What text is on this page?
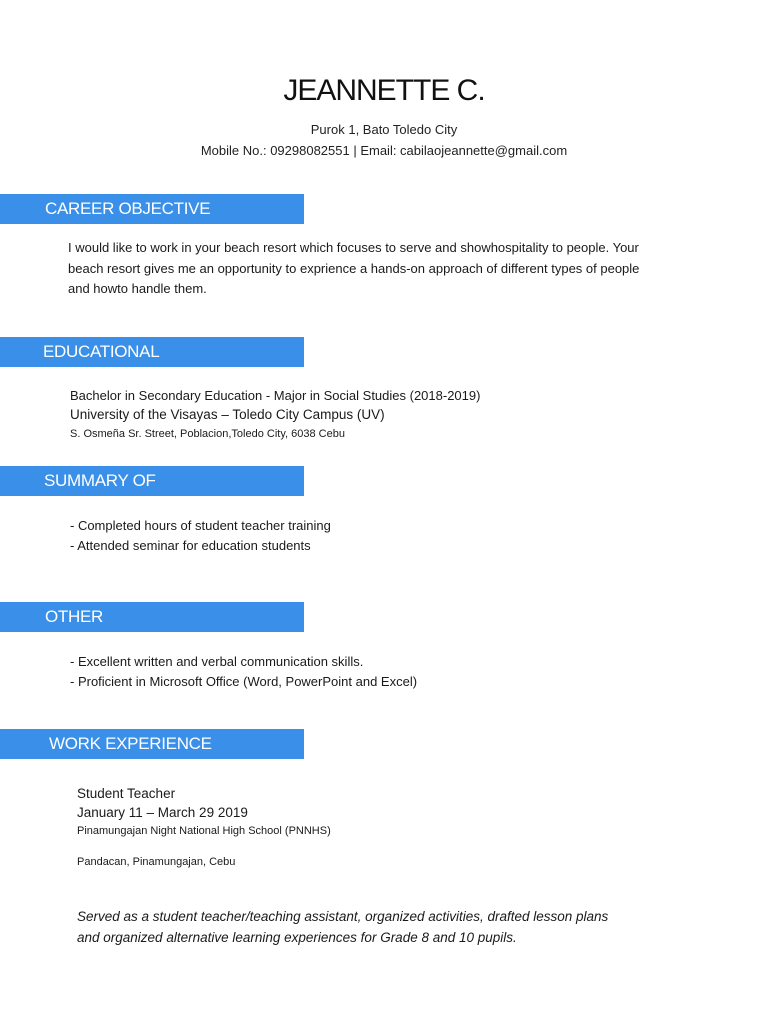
JEANNETTE C.
Purok 1, Bato Toledo City
Mobile No.: 09298082551 | Email: cabilaojeannette@gmail.com
CAREER OBJECTIVE
I would like to work in your beach resort which focuses to serve and showhospitality to people. Your
beach resort gives me an opportunity to exprience a hands-on approach of different types of people
and howto handle them.
EDUCATIONAL
Bachelor in Secondary Education - Major in Social Studies (2018-2019)
University of the Visayas – Toledo City Campus (UV)
S. Osmeña Sr. Street, Poblacion,Toledo City, 6038 Cebu
SUMMARY OF
- Completed hours of student teacher training
- Attended seminar for education students
OTHER
- Excellent written and verbal communication skills.
- Proficient in Microsoft Office (Word, PowerPoint and Excel)
WORK EXPERIENCE
Student Teacher
January 11 – March 29 2019
Pinamungajan Night National High School (PNNHS)
Pandacan, Pinamungajan, Cebu
Served as a student teacher/teaching assistant, organized activities, drafted lesson plans
and organized alternative learning experiences for Grade 8 and 10 pupils.
